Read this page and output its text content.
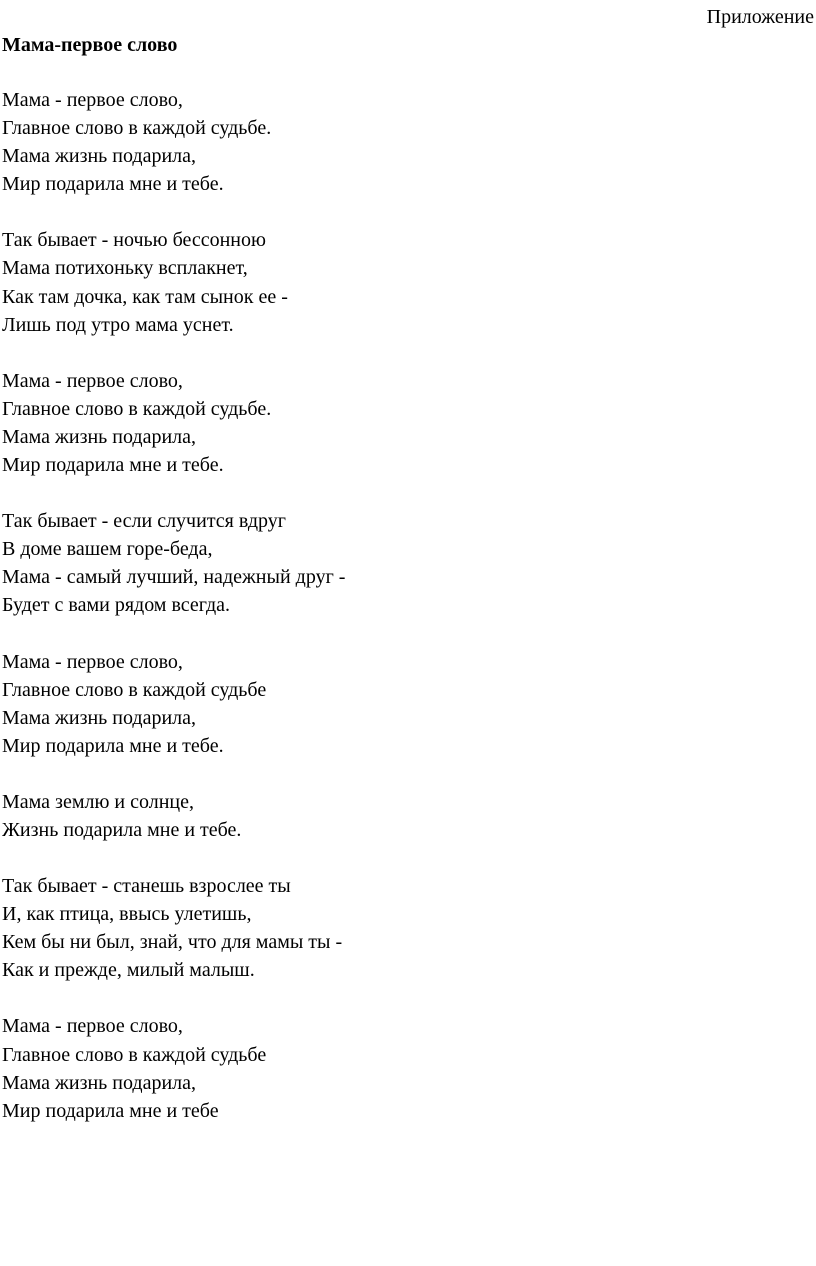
Приложение
Мама-первое слово
Мама - первое слово,
Главное слово в каждой судьбе.
Мама жизнь подарила,
Мир подарила мне и тебе.
Так бывает - ночью бессонною
Мама потихоньку всплакнет,
Как там дочка, как там сынок ее -
Лишь под утро мама уснет.
Мама - первое слово,
Главное слово в каждой судьбе.
Мама жизнь подарила,
Мир подарила мне и тебе.
Так бывает - если случится вдруг
В доме вашем горе-беда,
Мама - самый лучший, надежный друг -
Будет с вами рядом всегда.
Мама - первое слово,
Главное слово в каждой судьбе
Мама жизнь подарила,
Мир подарила мне и тебе.
Мама землю и солнце,
Жизнь подарила мне и тебе.
Так бывает - станешь взрослее ты
И, как птица, ввысь улетишь,
Кем бы ни был, знай, что для мамы ты -
Как и прежде, милый малыш.
Мама - первое слово,
Главное слово в каждой судьбе
Мама жизнь подарила,
Мир подарила мне и тебе
